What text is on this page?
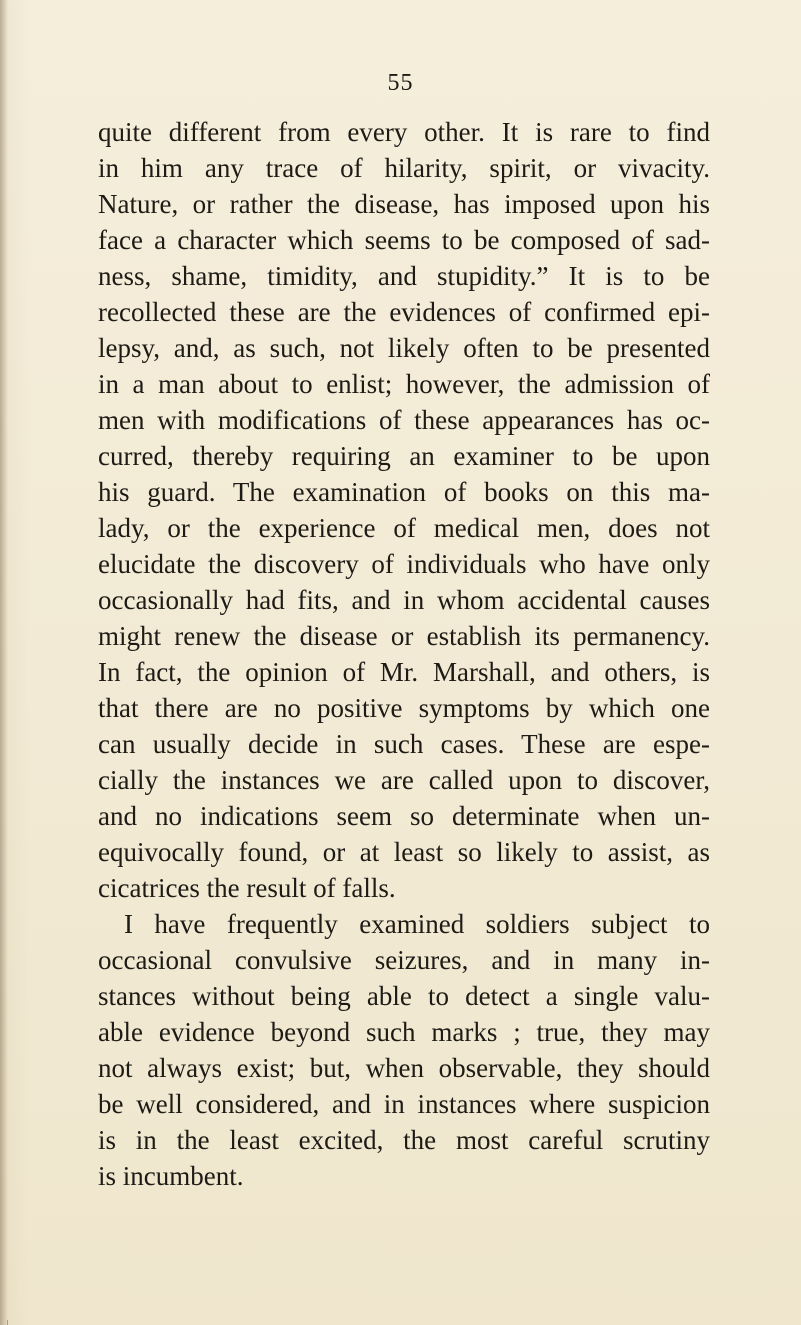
55
quite different from every other. It is rare to find
in him any trace of hilarity, spirit, or vivacity.
Nature, or rather the disease, has imposed upon his
face a character which seems to be composed of sad-
ness, shame, timidity, and stupidity.” It is to be
recollected these are the evidences of confirmed epi-
lepsy, and, as such, not likely often to be presented
in a man about to enlist; however, the admission of
men with modifications of these appearances has oc-
curred, thereby requiring an examiner to be upon
his guard. The examination of books on this ma-
lady, or the experience of medical men, does not
elucidate the discovery of individuals who have only
occasionally had fits, and in whom accidental causes
might renew the disease or establish its permanency.
In fact, the opinion of Mr. Marshall, and others, is
that there are no positive symptoms by which one
can usually decide in such cases. These are espe-
cially the instances we are called upon to discover,
and no indications seem so determinate when un-
equivocally found, or at least so likely to assist, as
cicatrices the result of falls.
I have frequently examined soldiers subject to
occasional convulsive seizures, and in many in-
stances without being able to detect a single valu-
able evidence beyond such marks ; true, they may
not always exist; but, when observable, they should
be well considered, and in instances where suspicion
is in the least excited, the most careful scrutiny
is incumbent.
